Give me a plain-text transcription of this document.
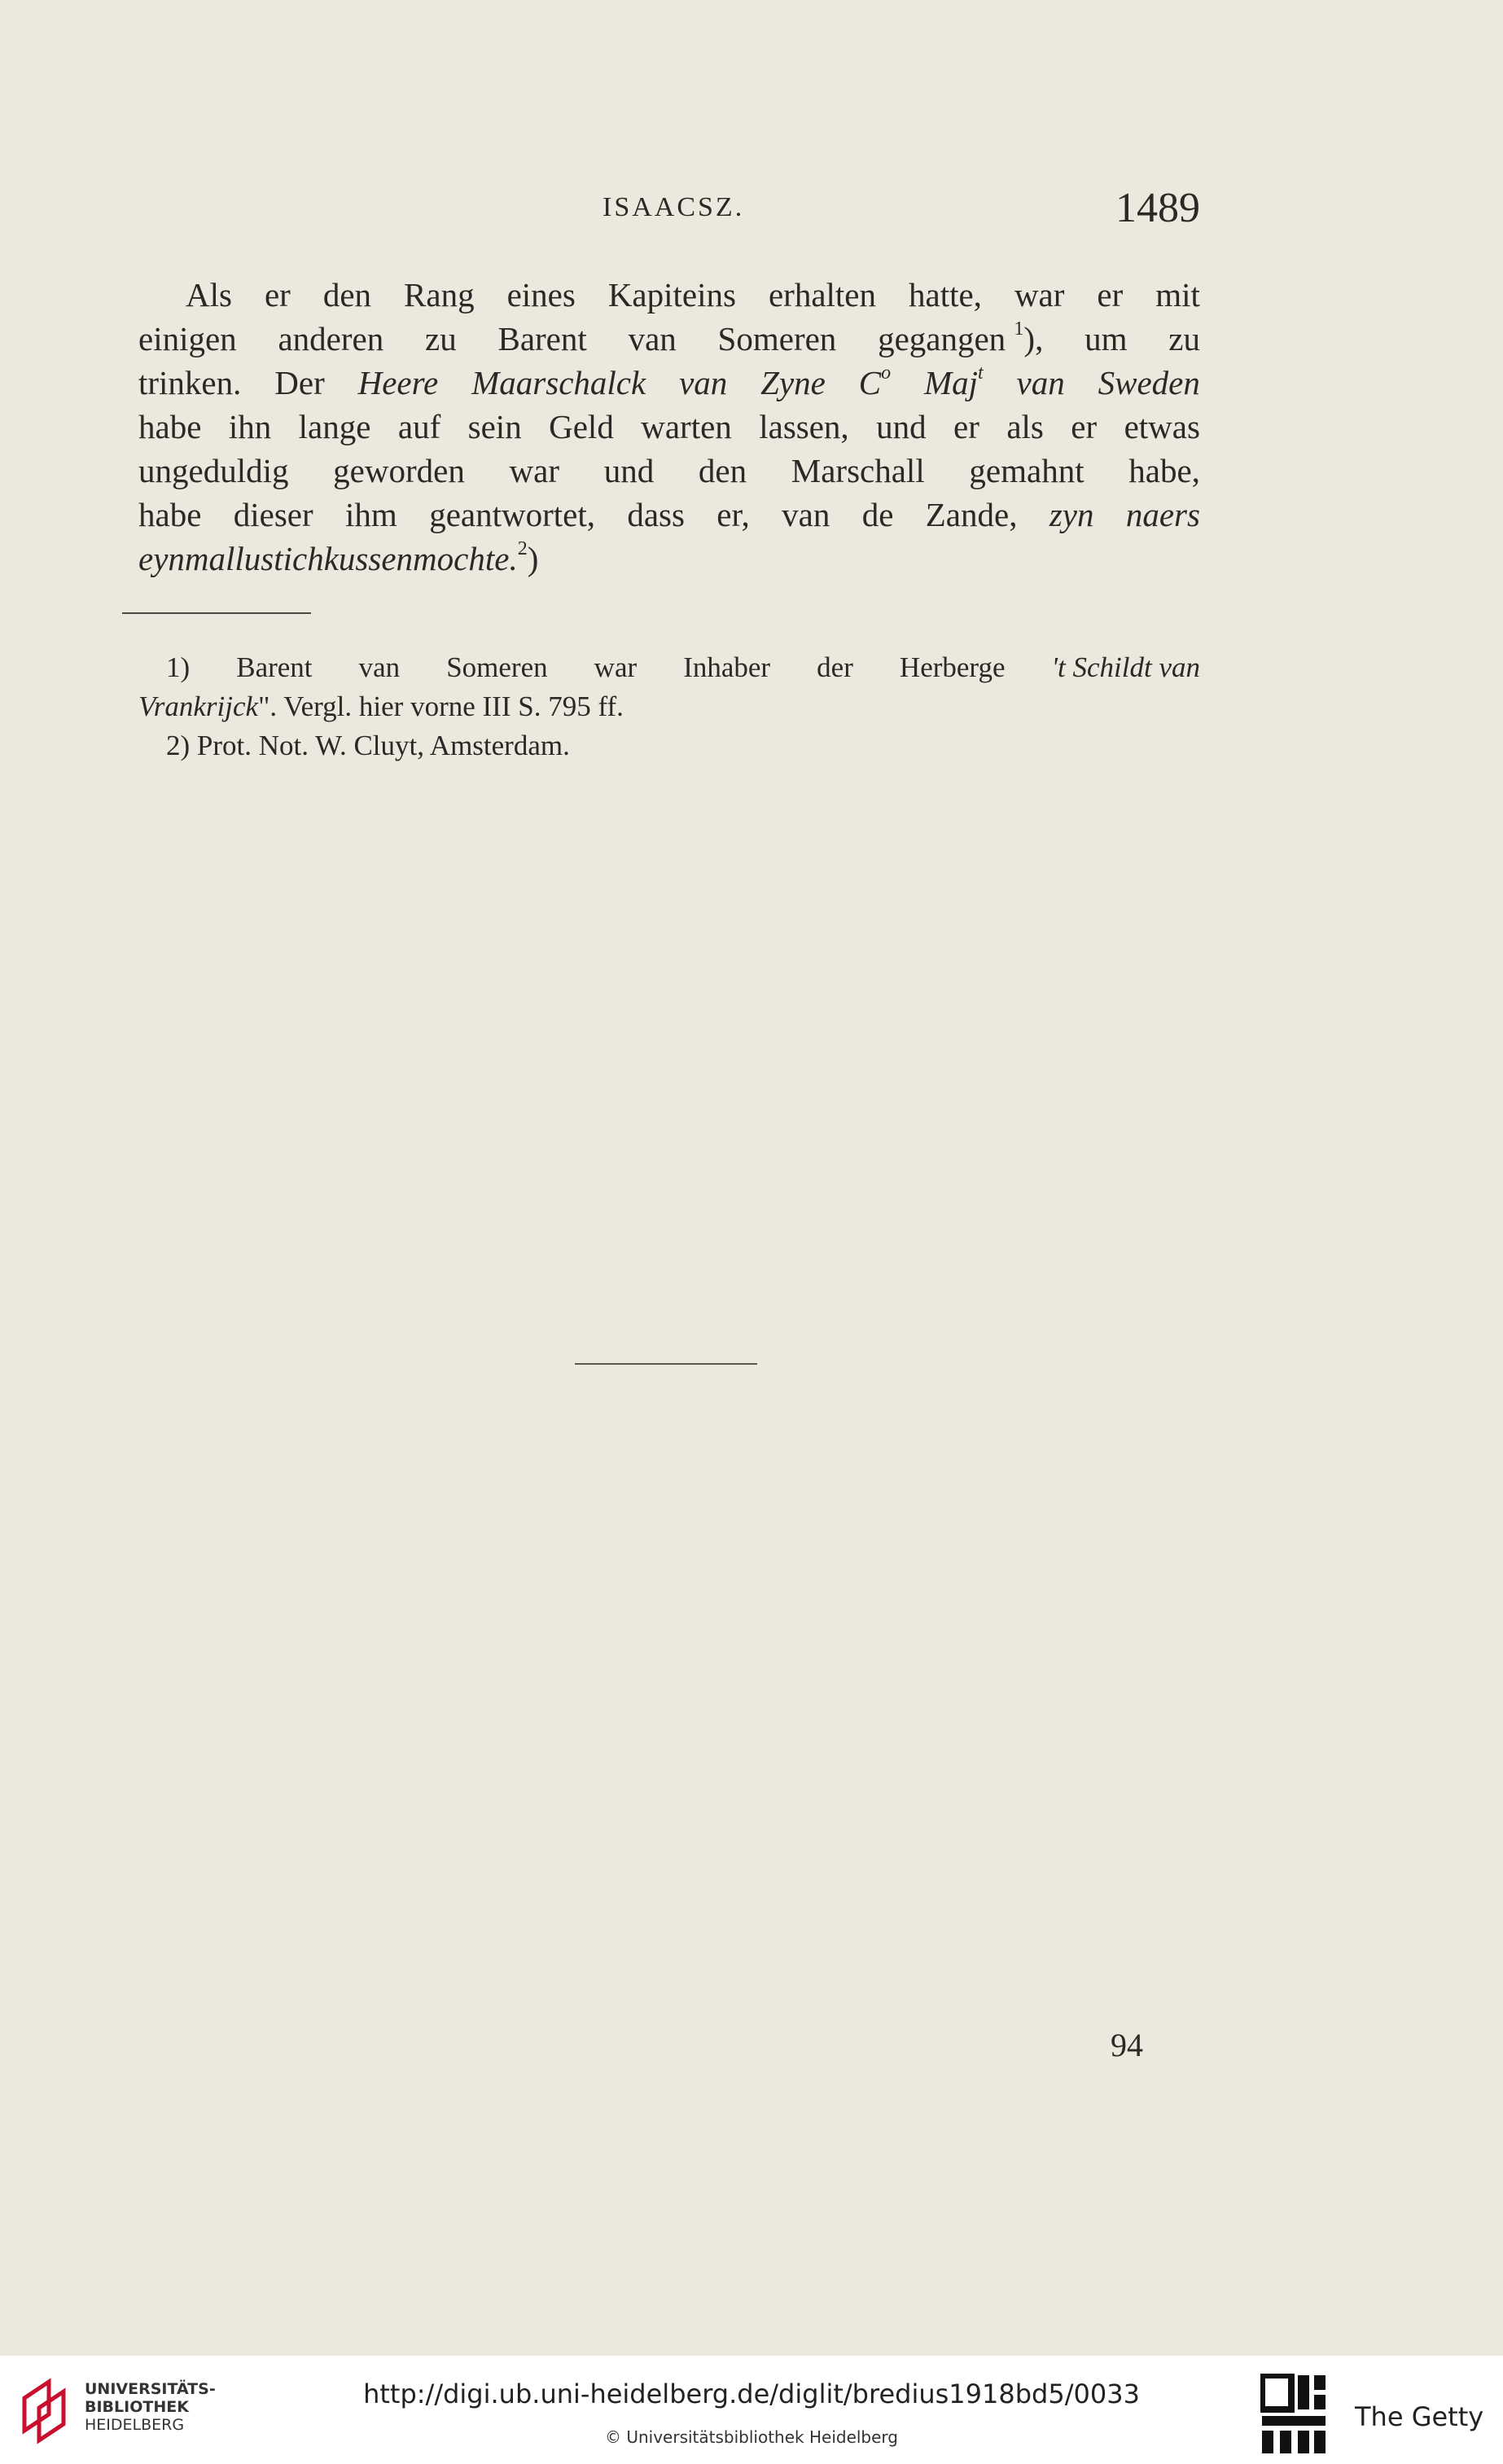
ISAACSZ.	1489
Als er den Rang eines Kapiteins erhalten hatte, war er mit
einigen anderen zu Barent van Someren gegangen $^1$), um zu
trinken. Der Heere Maarschalck van Zyne $C^o$ Maj$^t$ van Sweden
habe ihn lange auf sein Geld warten lassen, und er als er etwas
ungeduldig geworden war und den Marschall gemahnt habe,
habe dieser ihm geantwortet, dass er, van de Zande, zyn naers
eynmal lustich kussen mochte. $^2$)
1) Barent van Someren war Inhaber der Herberge 't Schildt van
Vrankrijck". Vergl. hier vorne III S. 795 ff.
2) Prot. Not. W. Cluyt, Amsterdam.
94
UNIVERSITÄTS-
BIBLIOTHEK
HEIDELBERG
http://digi.ub.uni-heidelberg.de/diglit/bredius1918bd5/0033
© Universitätsbibliothek Heidelberg
The Getty
